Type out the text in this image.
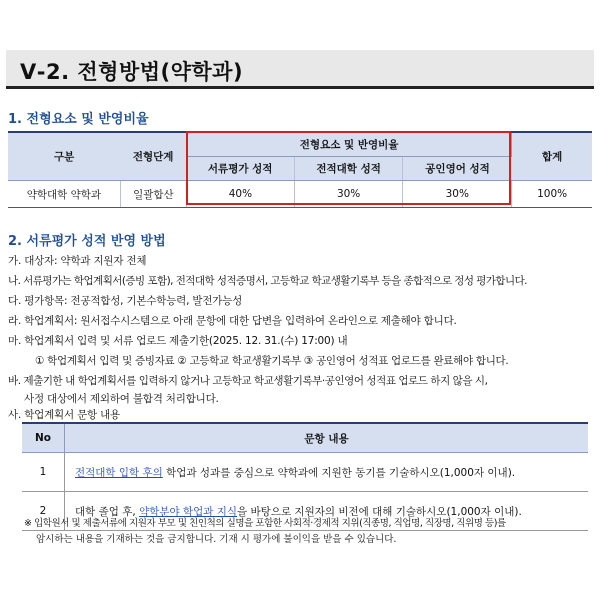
Ⅴ-2. 전형방법(약학과)
1. 전형요소 및 반영비율
구분	전형단계	전형요소 및 반영비율			합계
		서류평가 성적	전적대학 성적	공인영어 성적	
약학대학 약학과	일괄합산	40%	30%	30%	100%
2. 서류평가 성적 반영 방법
가. 대상자: 약학과 지원자 전체
나. 서류평가는 학업계획서(증빙 포함), 전적대학 성적증명서, 고등학교 학교생활기록부 등을 종합적으로 정성 평가합니다.
다. 평가항목: 전공적합성, 기본수학능력, 발전가능성
라. 학업계획서: 원서접수시스템으로 아래 문항에 대한 답변을 입력하여 온라인으로 제출해야 합니다.
마. 학업계획서 입력 및 서류 업로드 제출기한(2025. 12. 31.(수) 17:00) 내
① 학업계획서 입력 및 증빙자료 ② 고등학교 학교생활기록부 ③ 공인영어 성적표 업로드를 완료해야 합니다.
바. 제출기한 내 학업계획서를 입력하지 않거나 고등학교 학교생활기록부·공인영어 성적표 업로드 하지 않을 시,
사정 대상에서 제외하여 불합격 처리합니다.
사. 학업계획서 문항 내용
No	문항 내용
1	전적대학 입학 후의 학업과 성과를 중심으로 약학과에 지원한 동기를 기술하시오(1,000자 이내).
2	대학 졸업 후, 약학분야 학업과 지식을 바탕으로 지원자의 비전에 대해 기술하시오(1,000자 이내).
※ 입학원서 및 제출서류에 지원자 부모 및 친인척의 실명을 포함한 사회적·경제적 지위(직종명, 직업명, 직장명, 직위명 등)를
암시하는 내용을 기재하는 것을 금지합니다. 기재 시 평가에 불이익을 받을 수 있습니다.
